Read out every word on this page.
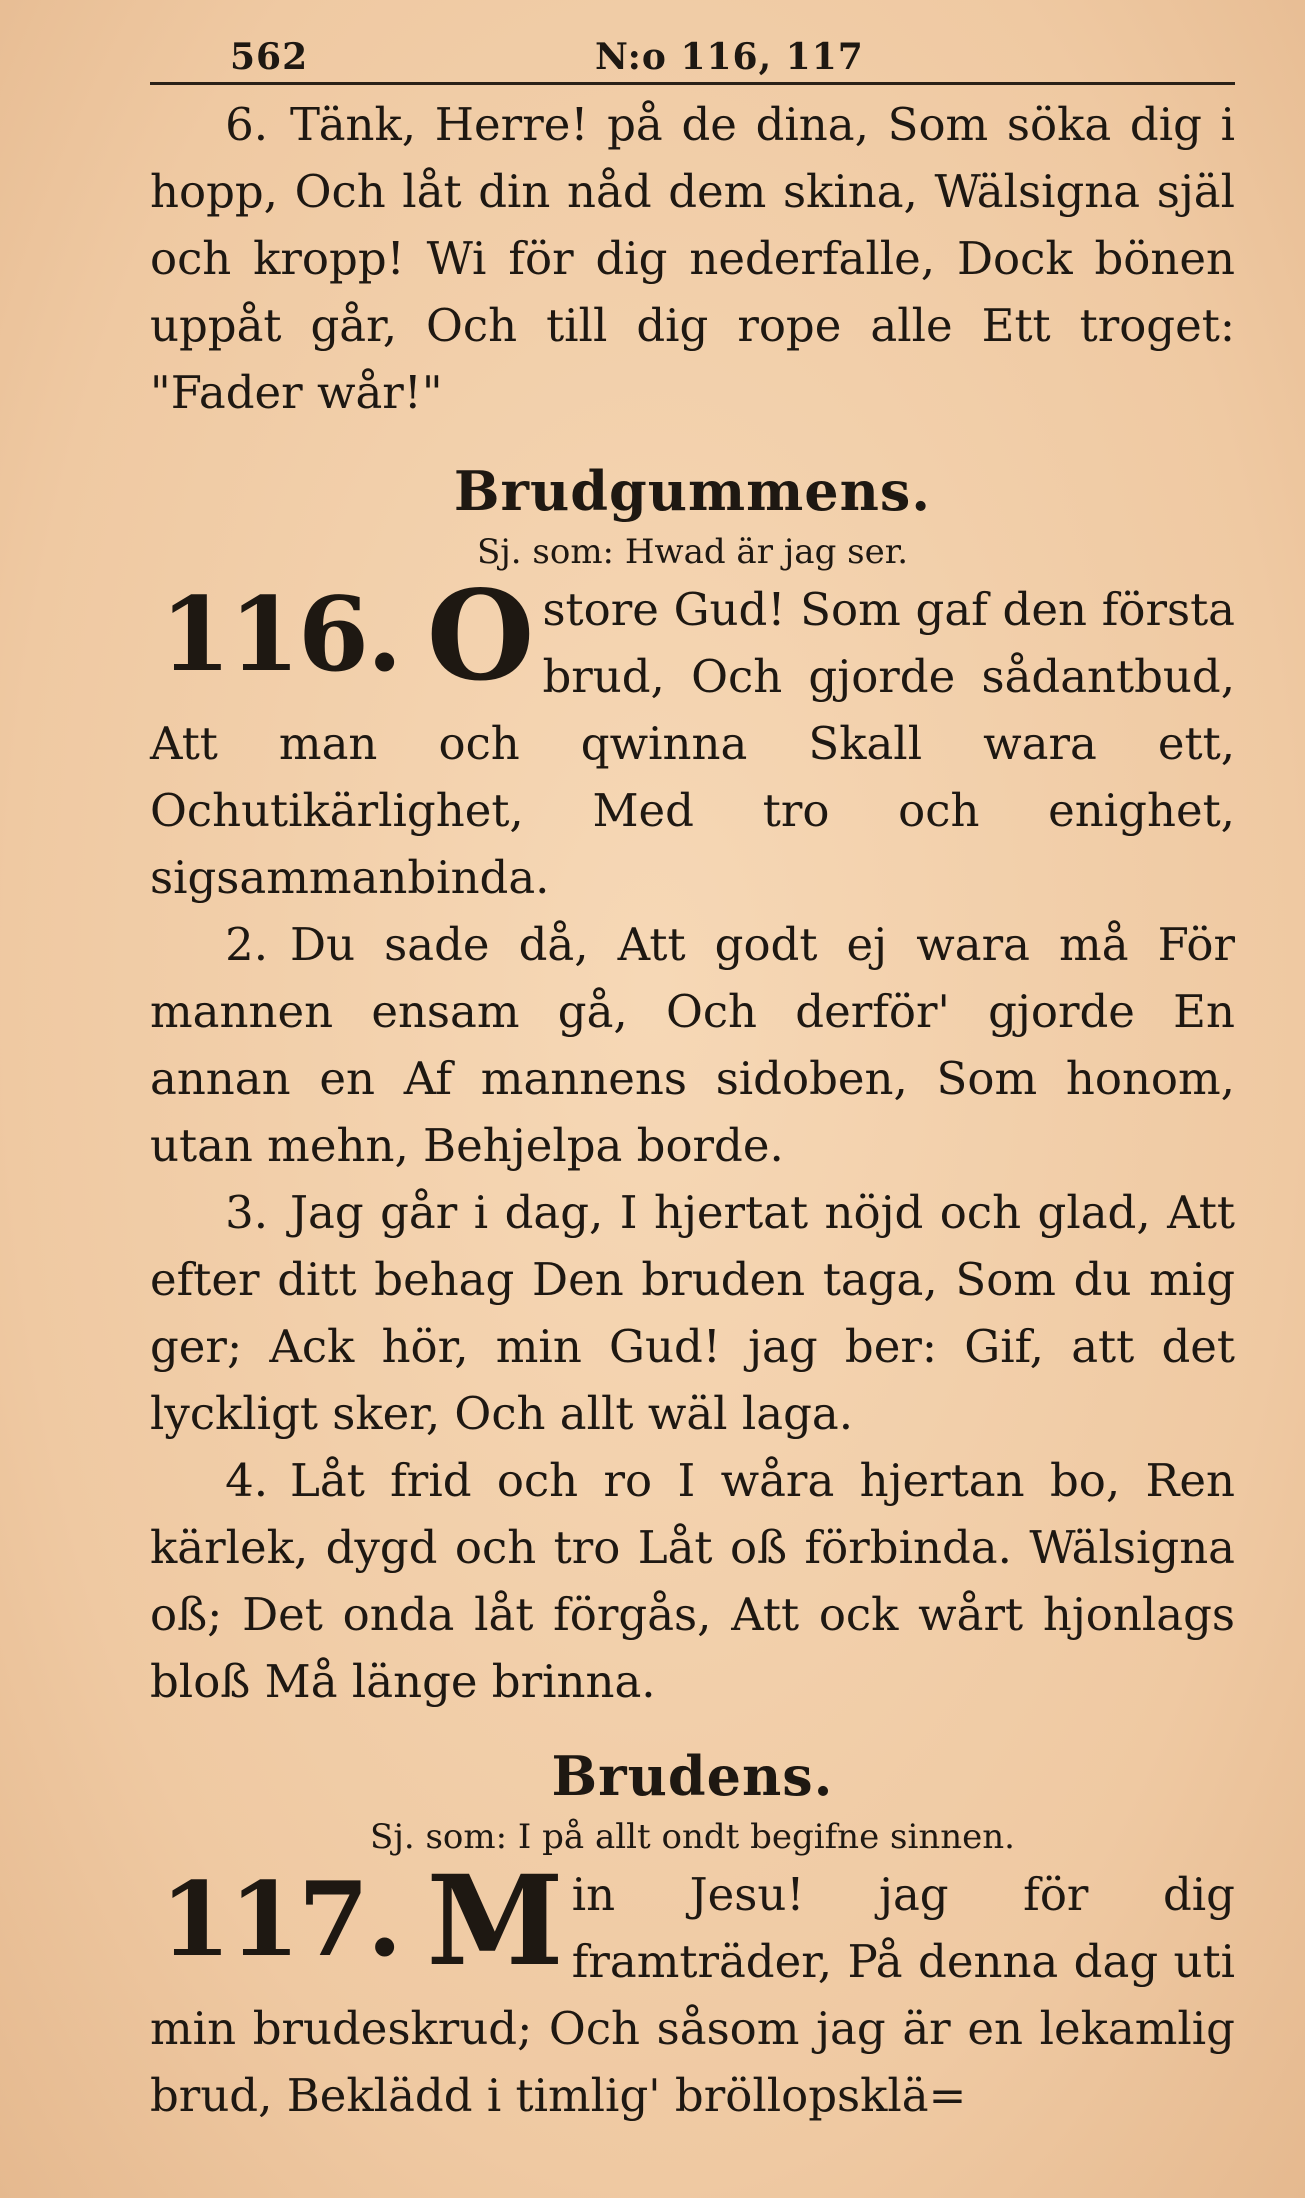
562	N:o 116, 117

6. Tänk, Herre! på de dina, Som söka dig i hopp, Och låt din nåd dem skina, Wälsigna själ och kropp! Wi för dig nederfalle, Dock bönen uppåt går, Och till dig rope alle Ett troget: "Fader wår!"

Brudgummens.

Sj. som: Hwad är jag ser.

116. O store Gud! Som gaf den första brud, Och gjorde sådantbud, Att man och qwinna Skall wara ett, Ochutikärlighet, Med tro och enighet, sigsammanbinda.

2. Du sade då, Att godt ej wara må För mannen ensam gå, Och derför' gjorde En annan en Af mannens sidoben, Som honom, utan mehn, Behjelpa borde.

3. Jag går i dag, I hjertat nöjd och glad, Att efter ditt behag Den bruden taga, Som du mig ger; Ack hör, min Gud! jag ber: Gif, att det lyckligt sker, Och allt wäl laga.

4. Låt frid och ro I wåra hjertan bo, Ren kärlek, dygd och tro Låt oß förbinda. Wälsigna oß; Det onda låt förgås, Att ock wårt hjonlags bloß Må länge brinna.

Brudens.

Sj. som: I på allt ondt begifne sinnen.

117. M in Jesu! jag för dig framträder, På denna dag uti min brudeskrud; Och såsom jag är en lekamlig brud, Beklädd i timlig' bröllopsklä=
